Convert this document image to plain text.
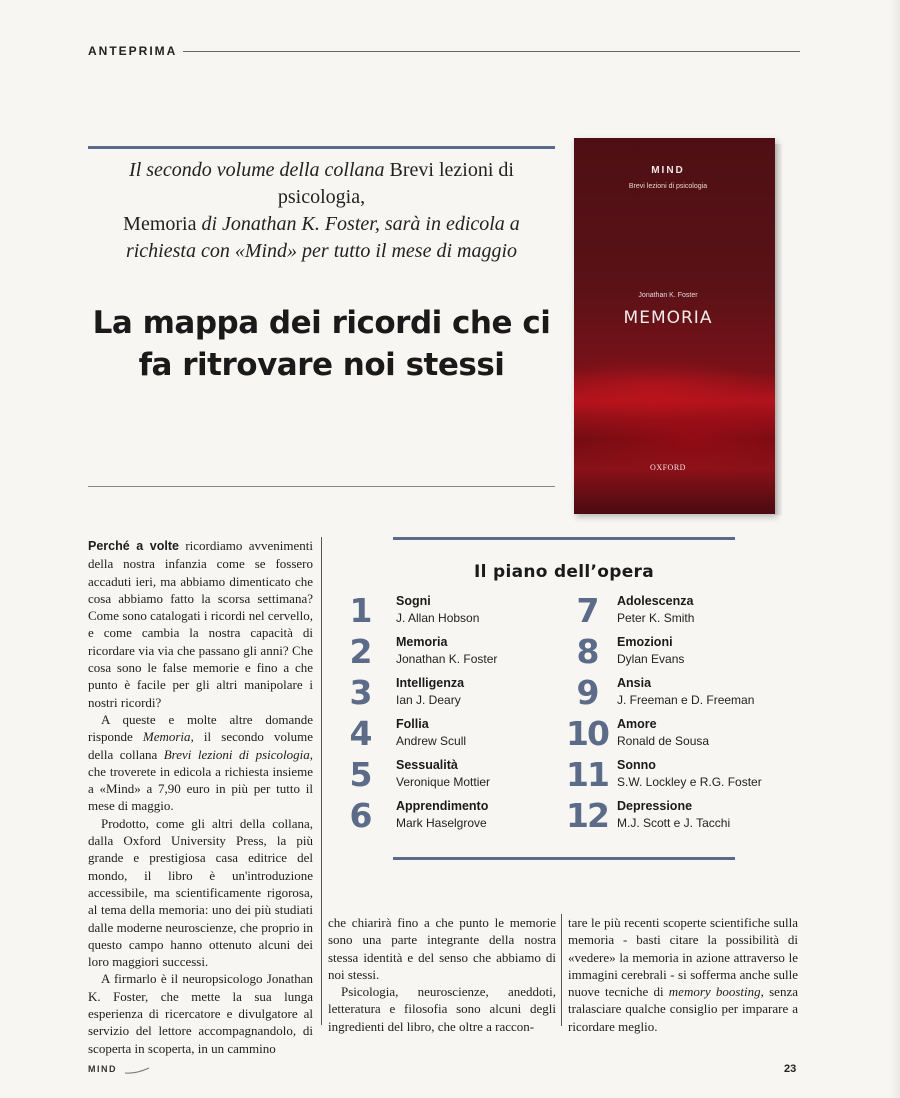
ANTEPRIMA
Il secondo volume della collana Brevi lezioni di psicologia,
Memoria di Jonathan K. Foster, sarà in edicola a richiesta con «Mind» per tutto il mese di maggio
La mappa dei ricordi che ci fa ritrovare noi stessi
MIND
Brevi lezioni di psicologia
Jonathan K. Foster
MEMORIA
OXFORD

Perché a volte ricordiamo avvenimenti della nostra infanzia come se fossero accaduti ieri, ma abbiamo dimenticato che cosa abbiamo fatto la scorsa settimana? Come sono catalogati i ricordi nel cervello, e come cambia la nostra capacità di ricordare via via che passano gli anni? Che cosa sono le false memorie e fino a che punto è facile per gli altri manipolare i nostri ricordi?

A queste e molte altre domande risponde Memoria, il secondo volume della collana Brevi lezioni di psicologia, che troverete in edicola a richiesta insieme a «Mind» a 7,90 euro in più per tutto il mese di maggio.

Prodotto, come gli altri della collana, dalla Oxford University Press, la più grande e prestigiosa casa editrice del mondo, il libro è un'introduzione accessibile, ma scientificamente rigorosa, al tema della memoria: uno dei più studiati dalle moderne neuroscienze, che proprio in questo campo hanno ottenuto alcuni dei loro maggiori successi.

A firmarlo è il neuropsicologo Jonathan K. Foster, che mette la sua lunga esperienza di ricercatore e divulgatore al servizio del lettore accompagnandolo, di scoperta in scoperta, in un cammino

Il piano dell’opera
1	Sogni
J. Allan Hobson
2	Memoria
Jonathan K. Foster
3	Intelligenza
Ian J. Deary
4	Follia
Andrew Scull
5	Sessualità
Veronique Mottier
6	Apprendimento
Mark Haselgrove
7	Adolescenza
Peter K. Smith
8	Emozioni
Dylan Evans
9	Ansia
J. Freeman e D. Freeman
10 Amore
Ronald de Sousa
11 Sonno
S.W. Lockley e R.G. Foster
12 Depressione
M.J. Scott e J. Tacchi

che chiarirà fino a che punto le memorie sono una parte integrante della nostra stessa identità e del senso che abbiamo di noi stessi.

Psicologia, neuroscienze, aneddoti, letteratura e filosofia sono alcuni degli ingredienti del libro, che oltre a raccon-

tare le più recenti scoperte scientifiche sulla memoria - basti citare la possibilità di «vedere» la memoria in azione attraverso le immagini cerebrali - si sofferma anche sulle nuove tecniche di memory boosting, senza tralasciare qualche consiglio per imparare a ricordare meglio.

MIND	23
